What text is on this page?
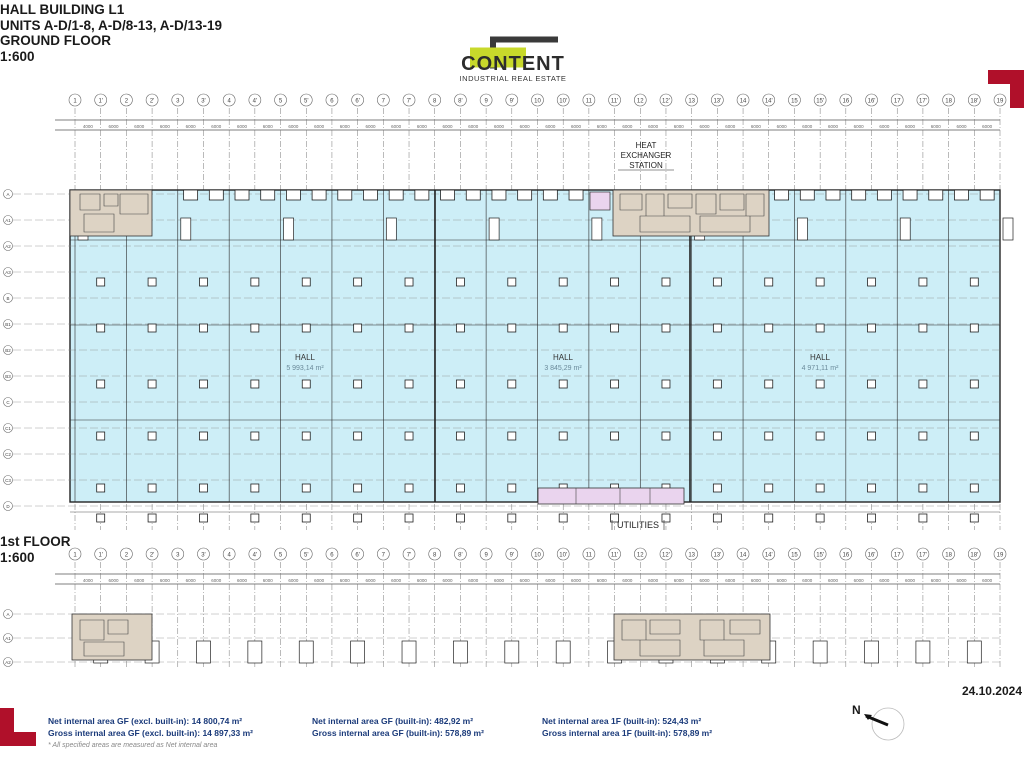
HALL BUILDING L1
UNITS A-D/1-8, A-D/8-13, A-D/13-19
GROUND FLOOR
1:600	CONTENT
INDUSTRIAL REAL ESTATE
1	1'	2	2'	3	3'	4	4'	5	5'	6	6'	7	7'	8	8'	9	9'	10	10'	11	11'	12	12'	13	13'	14	14'	15	15'	16	16'	17	17'	18	18'	19
4000	6000	6000	6000	6000	6000	6000	6000	6000	6000	6000	6000	6000	6000	6000	6000	6000	6000	6000	6000	6000	6000	6000	6000	6000	6000	6000	6000	6000	6000	6000	6000	6000	6000	6000	6000
A
A1
A2
A3
B
B1
B2
B3
C
C1
C2
C3
D
HEAT
EXCHANGER
STATION
HALL
5 993,14 m²
HALL
3 845,29 m²
HALL
4 971,11 m²
UTILITIES
1st FLOOR
1:600	1	1'	2	2'	3	3'	4	4'	5	5'	6	6'	7	7'	8	8'	9	9'	10	10'	11	11'	12	12'	13	13'	14	14'	15	15'	16	16'	17	17'	18	18'	19
4000	6000	6000	6000	6000	6000	6000	6000	6000	6000	6000	6000	6000	6000	6000	6000	6000	6000	6000	6000	6000	6000	6000	6000	6000	6000	6000	6000	6000	6000	6000	6000	6000	6000	6000	6000
A
A1
A2
24.10.2024
Net internal area GF (excl. built-in): 14 800,74 m²
Gross internal area GF (excl. built-in): 14 897,33 m²
Net internal area GF (built-in): 482,92 m²
Gross internal area GF (built-in): 578,89 m²
Net internal area 1F (built-in): 524,43 m²
Gross internal area 1F (built-in): 578,89 m²
* All specified areas are measured as Net internal area
N
